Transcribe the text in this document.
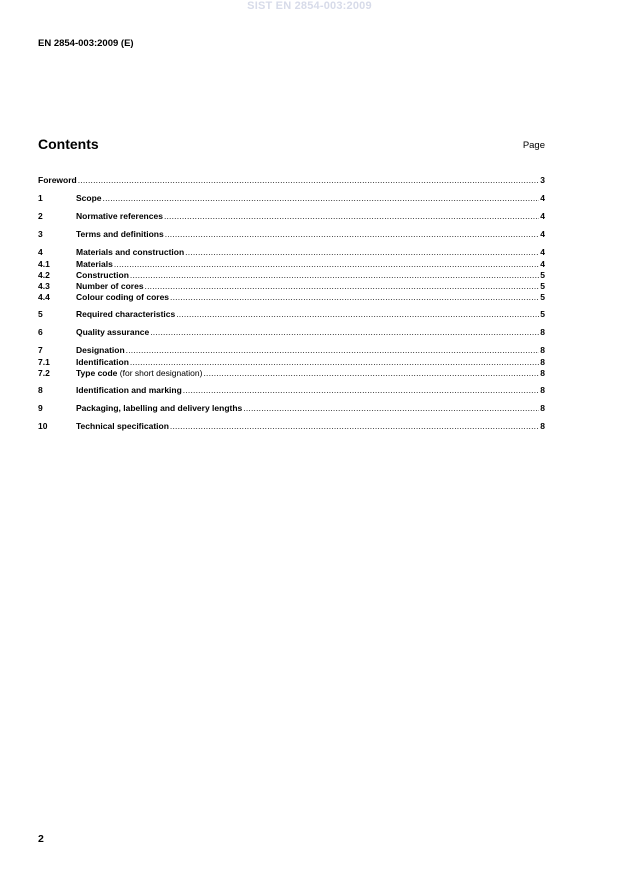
SIST EN 2854-003:2009
EN 2854-003:2009 (E)
Contents	Page
Foreword .....	3
1	Scope .....	4
2	Normative references .....	4
3	Terms and definitions .....	4
4	Materials and construction .....	4
4.1	Materials .....	4
4.2	Construction .....	5
4.3	Number of cores .....	5
4.4	Colour coding of cores .....	5
5	Required characteristics .....	5
6	Quality assurance .....	8
7	Designation .....	8
7.1	Identification .....	8
7.2	Type code (for short designation) .....	8
8	Identification and marking .....	8
9	Packaging, labelling and delivery lengths .....	8
10	Technical specification .....	8
2
